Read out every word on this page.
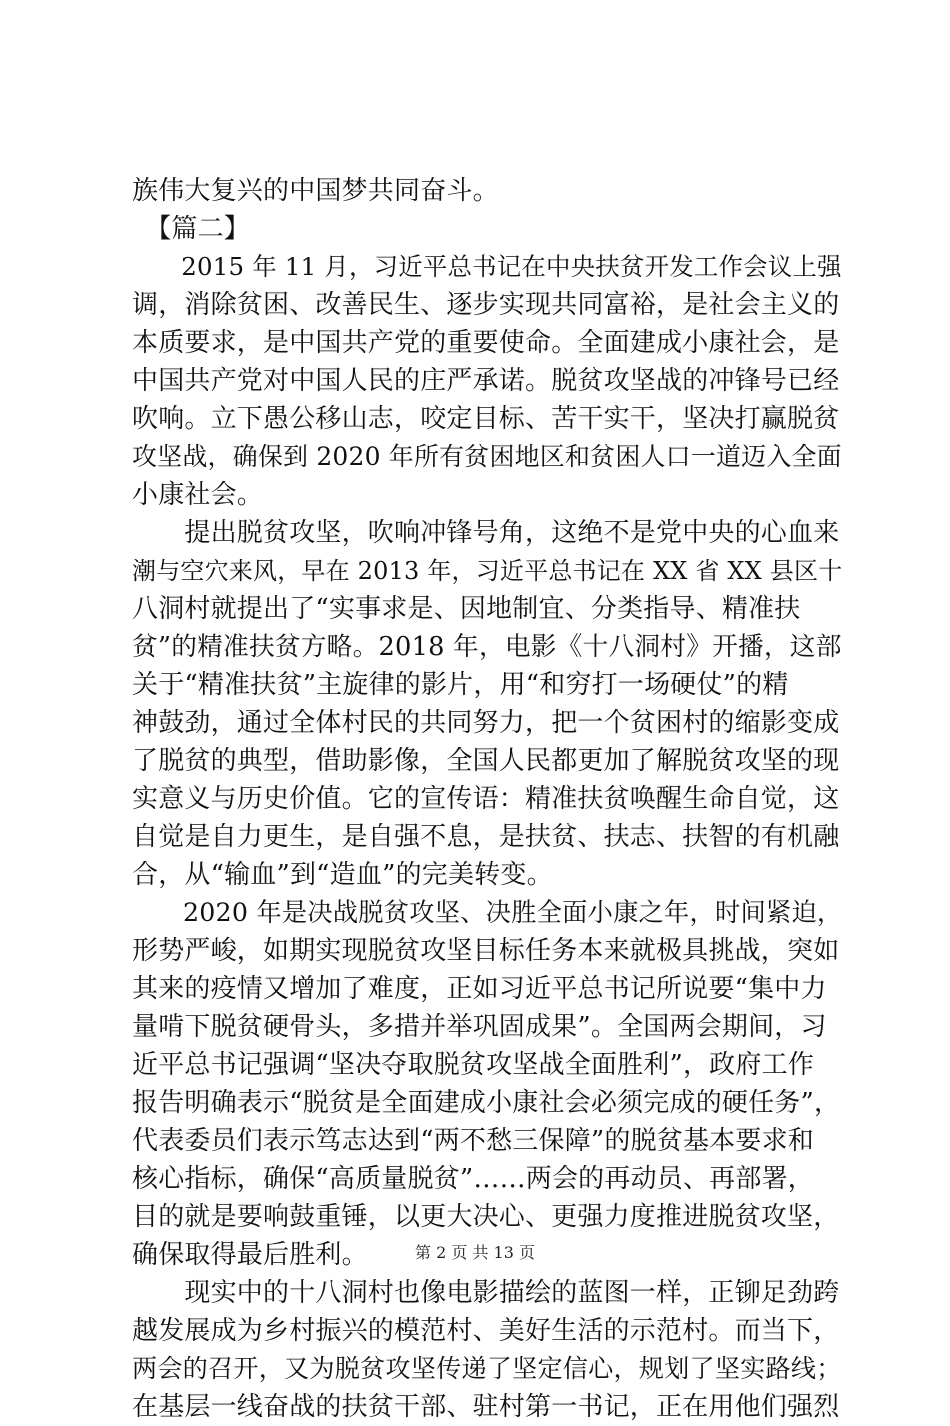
族伟大复兴的中国梦共同奋斗。
　【篇二】
　　2015 年 11 月，习近平总书记在中央扶贫开发工作会议上强
调，消除贫困、改善民生、逐步实现共同富裕，是社会主义的
本质要求，是中国共产党的重要使命。全面建成小康社会，是
中国共产党对中国人民的庄严承诺。脱贫攻坚战的冲锋号已经
吹响。立下愚公移山志，咬定目标、苦干实干，坚决打赢脱贫
攻坚战，确保到 2020 年所有贫困地区和贫困人口一道迈入全面
小康社会。
　　提出脱贫攻坚，吹响冲锋号角，这绝不是党中央的心血来
潮与空穴来风，早在 2013 年，习近平总书记在 XX 省 XX 县区十
八洞村就提出了“实事求是、因地制宜、分类指导、精准扶
贫”的精准扶贫方略。2018 年，电影《十八洞村》开播，这部
关于“精准扶贫”主旋律的影片，用“和穷打一场硬仗”的精
神鼓劲，通过全体村民的共同努力，把一个贫困村的缩影变成
了脱贫的典型，借助影像，全国人民都更加了解脱贫攻坚的现
实意义与历史价值。它的宣传语：精准扶贫唤醒生命自觉，这
自觉是自力更生，是自强不息，是扶贫、扶志、扶智的有机融
合，从“输血”到“造血”的完美转变。
　　2020 年是决战脱贫攻坚、决胜全面小康之年，时间紧迫，
形势严峻，如期实现脱贫攻坚目标任务本来就极具挑战，突如
其来的疫情又增加了难度，正如习近平总书记所说要“集中力
量啃下脱贫硬骨头，多措并举巩固成果”。全国两会期间，习
近平总书记强调“坚决夺取脱贫攻坚战全面胜利”，政府工作
报告明确表示“脱贫是全面建成小康社会必须完成的硬任务”，
代表委员们表示笃志达到“两不愁三保障”的脱贫基本要求和
核心指标，确保“高质量脱贫”……两会的再动员、再部署，
目的就是要响鼓重锤，以更大决心、更强力度推进脱贫攻坚，
确保取得最后胜利。
　　现实中的十八洞村也像电影描绘的蓝图一样，正铆足劲跨
越发展成为乡村振兴的模范村、美好生活的示范村。而当下，
两会的召开，又为脱贫攻坚传递了坚定信心，规划了坚实路线；
在基层一线奋战的扶贫干部、驻村第一书记，正在用他们强烈
第 2 页 共 13 页
